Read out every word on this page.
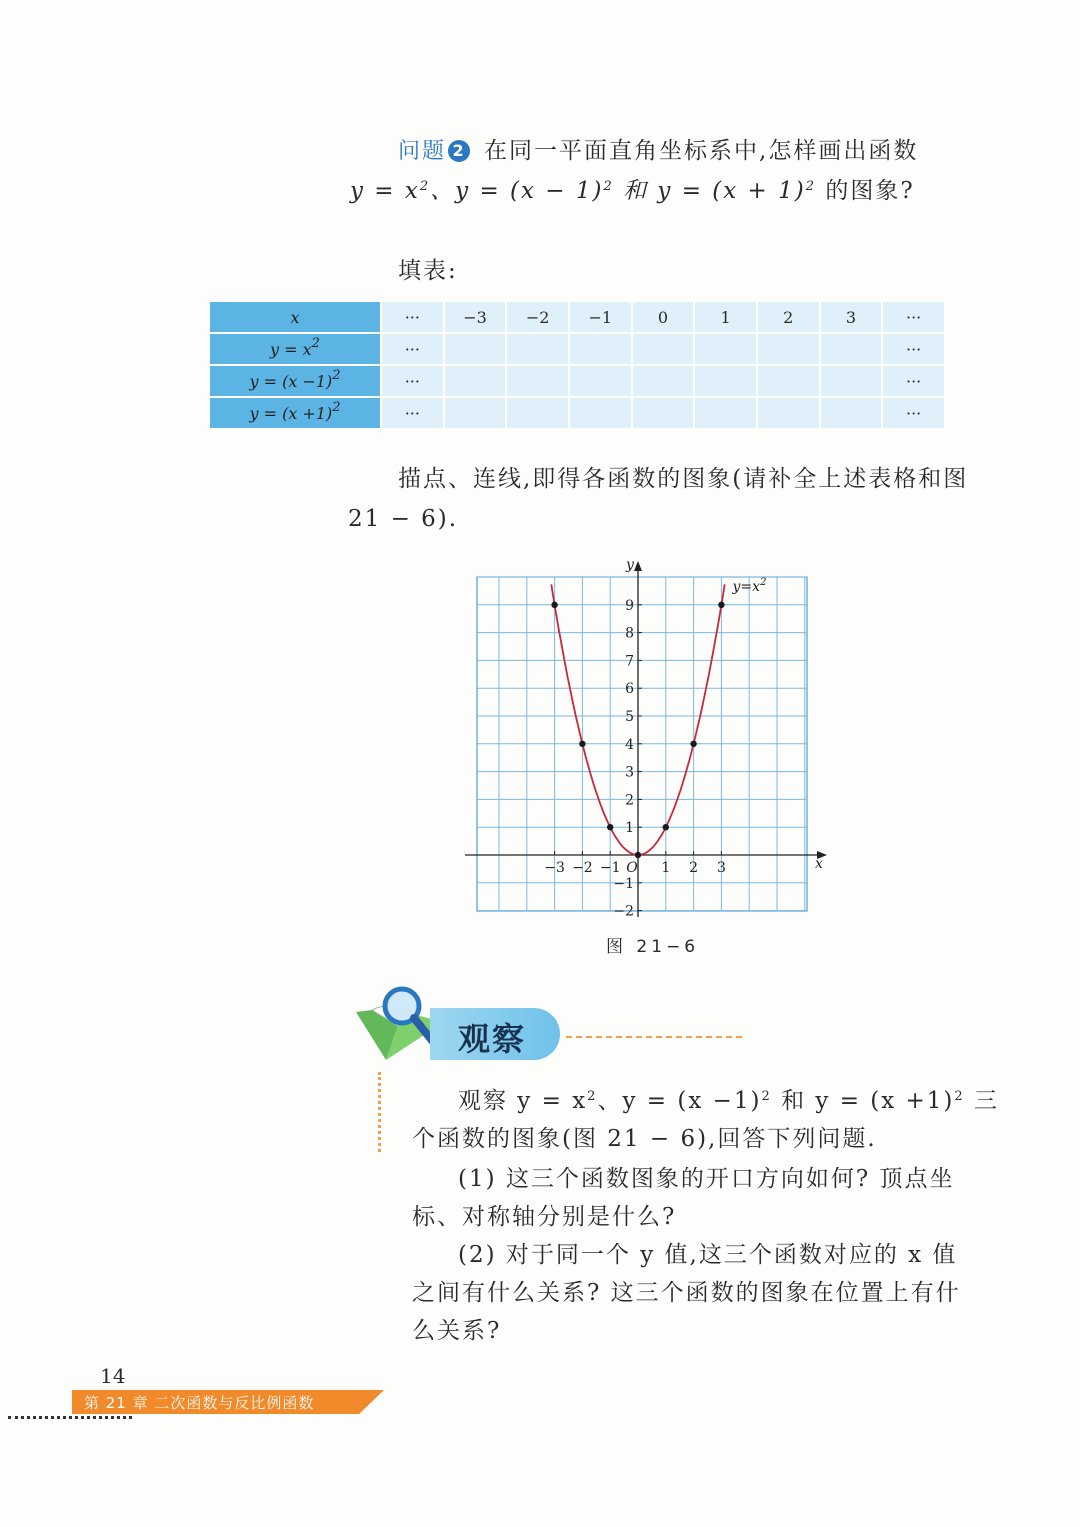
问题 2 在同一平面直角坐标系中,怎样画出函数
$y = x^2$、$y = (x - 1)^2$ 和 $y = (x + 1)^2$ 的图象?
填表:
x	···	−3	−2	−1	0	1	2	3	···
$y = x^2$	···								···
$y = (x -1)^2$	···								···
$y = (x +1)^2$	···								···
描点、连线,即得各函数的图象(请补全上述表格和图
21 − 6).
x
y
O
−3 −2 −1	1 2 3
−2
−1
1
2
3
4
5
6
7
8
9
$y=x^2$
图 21−6
观察
观察 $y = x^2$、$y = (x -1)^2$ 和 $y = (x +1)^2$ 三
个函数的图象(图 21 − 6),回答下列问题.
(1) 这三个函数图象的开口方向如何? 顶点坐
标、对称轴分别是什么?
(2) 对于同一个 y 值,这三个函数对应的 x 值
之间有什么关系? 这三个函数的图象在位置上有什
么关系?
14
第 21 章 二次函数与反比例函数
